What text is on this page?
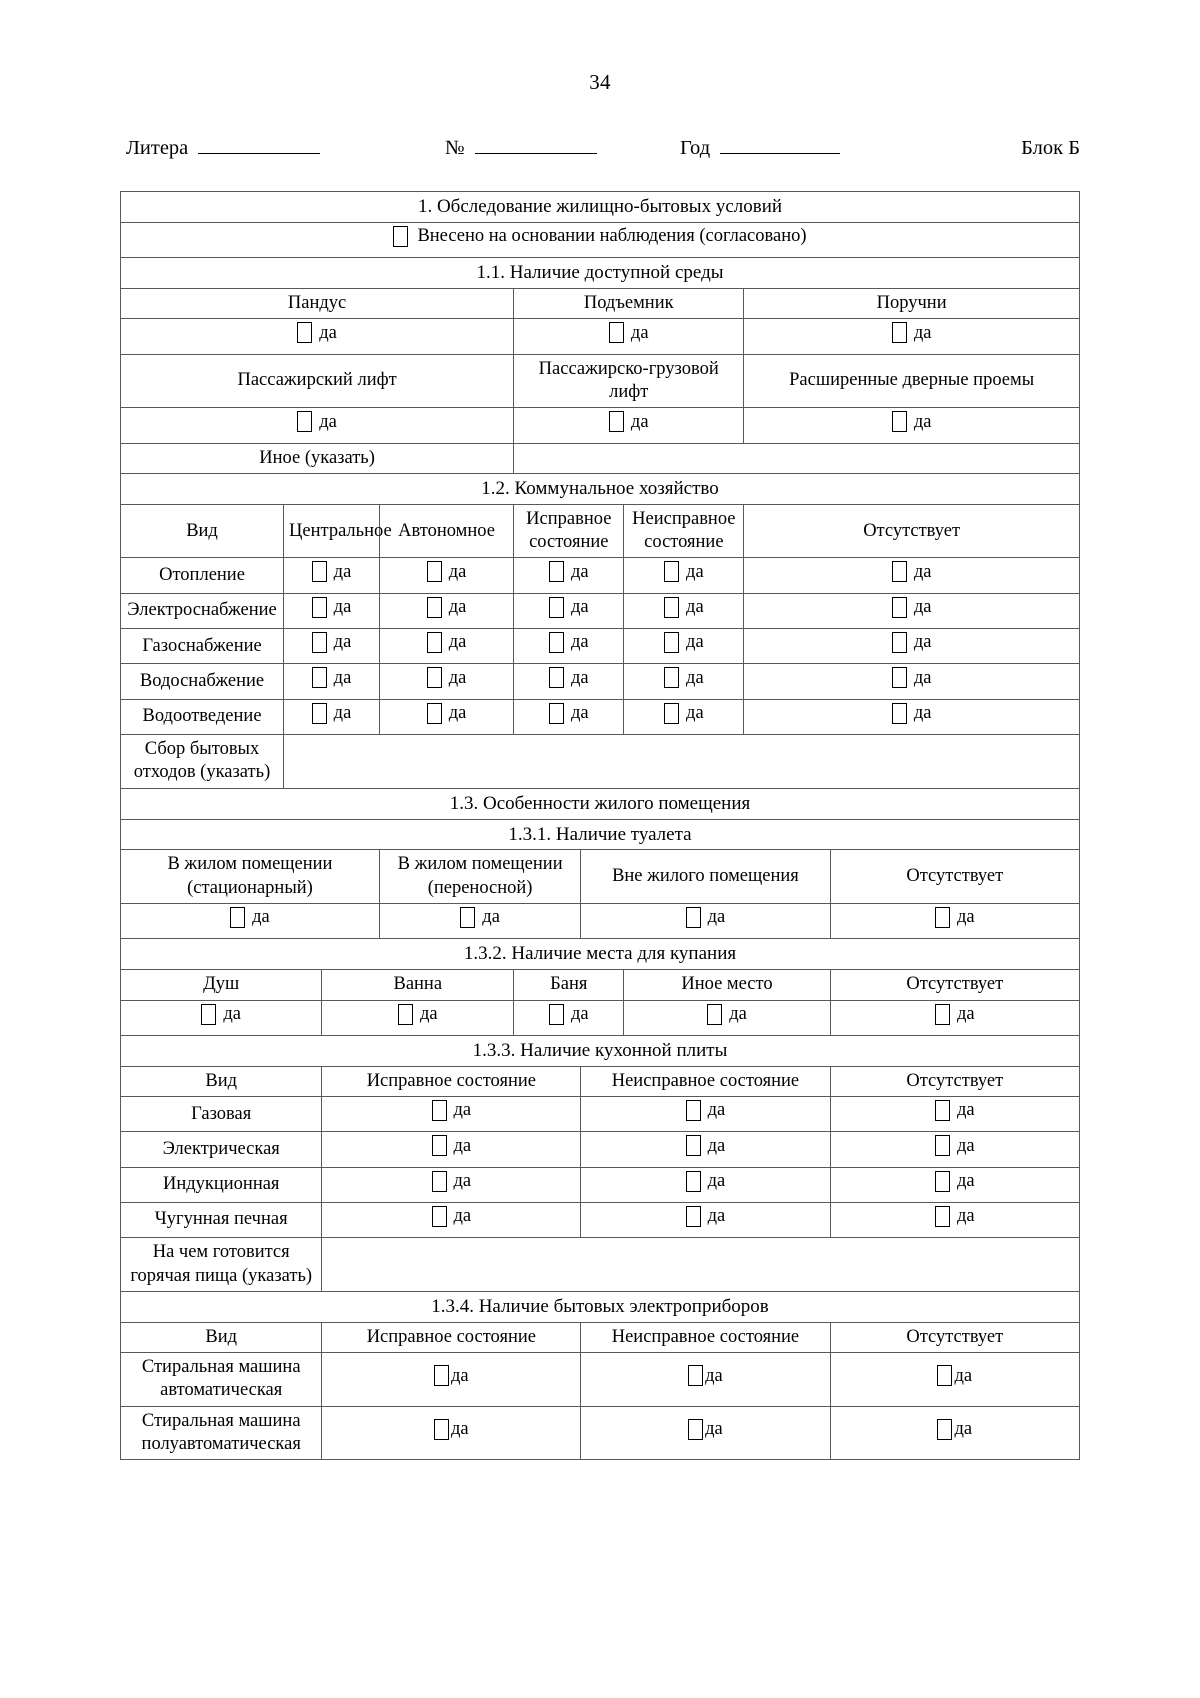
34
Литера	№	Год	Блок Б
1. Обследование жилищно-бытовых условий								

Внесено на основании наблюдения (согласовано)								

1.1. Наличие доступной среды								
Пандус				Подъемник			Поручни	

да				да			да	

Пассажирский лифт				Пассажирско-грузовой лифт			Расширенные дверные проемы	

да				да			да	

Иное (указать)								
1.2. Коммунальное хозяйство								
Вид	Центральное		Автономное	Исправное состояние		Неисправное состояние	Отсутствует	
Отопление	да		да	да		да	да	

Электроснабжение	да		да	да		да	да	

Газоснабжение	да		да	да		да	да	

Водоснабжение	да		да	да		да	да	

Водоотведение	да		да	да		да	да	

Сбор бытовых отходов (указать)								
1.3. Особенности жилого помещения								
1.3.1. Наличие туалета								
В жилом помещении (стационарный)			В жилом помещении (переносной)		Вне жилого помещения			Отсутствует

да			да		да			да

1.3.2. Наличие места для купания								
Душ		Ванна		Баня		Иное место		Отсутствует

да		да		да		да		да

1.3.3. Наличие кухонной плиты								
Вид		Исправное состояние			Неисправное состояние			Отсутствует
Газовая		да			да			да

Электрическая		да			да			да

Индукционная		да			да			да

Чугунная печная		да			да			да

На чем готовится горячая пища (указать)								
1.3.4. Наличие бытовых электроприборов								
Вид		Исправное состояние			Неисправное состояние			Отсутствует
Стиральная машина автоматическая		да			да			да

Стиральная машина полуавтоматическая		да			да			да
